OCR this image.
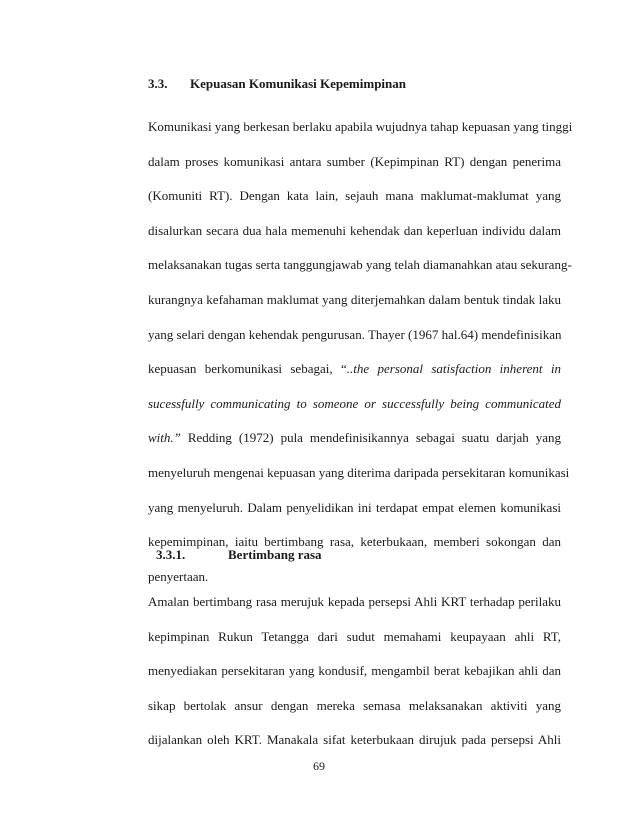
3.3. Kepuasan Komunikasi Kepemimpinan
Komunikasi yang berkesan berlaku apabila wujudnya tahap kepuasan yang tinggi
dalam proses komunikasi antara sumber (Kepimpinan RT) dengan penerima
(Komuniti RT). Dengan kata lain, sejauh mana maklumat-maklumat yang
disalurkan secara dua hala memenuhi kehendak dan keperluan individu dalam
melaksanakan tugas serta tanggungjawab yang telah diamanahkan atau sekurang-
kurangnya kefahaman maklumat yang diterjemahkan dalam bentuk tindak laku
yang selari dengan kehendak pengurusan. Thayer (1967 hal.64) mendefinisikan
kepuasan berkomunikasi sebagai, “..the personal satisfaction inherent in
sucessfully communicating to someone or successfully being communicated
with.” Redding (1972) pula mendefinisikannya sebagai suatu darjah yang
menyeluruh mengenai kepuasan yang diterima daripada persekitaran komunikasi
yang menyeluruh. Dalam penyelidikan ini terdapat empat elemen komunikasi
kepemimpinan, iaitu bertimbang rasa, keterbukaan, memberi sokongan dan
penyertaan.
3.3.1.	Bertimbang rasa
Amalan bertimbang rasa merujuk kepada persepsi Ahli KRT terhadap perilaku
kepimpinan Rukun Tetangga dari sudut memahami keupayaan ahli RT,
menyediakan persekitaran yang kondusif, mengambil berat kebajikan ahli dan
sikap bertolak ansur dengan mereka semasa melaksanakan aktiviti yang
dijalankan oleh KRT. Manakala sifat keterbukaan dirujuk pada persepsi Ahli
69
